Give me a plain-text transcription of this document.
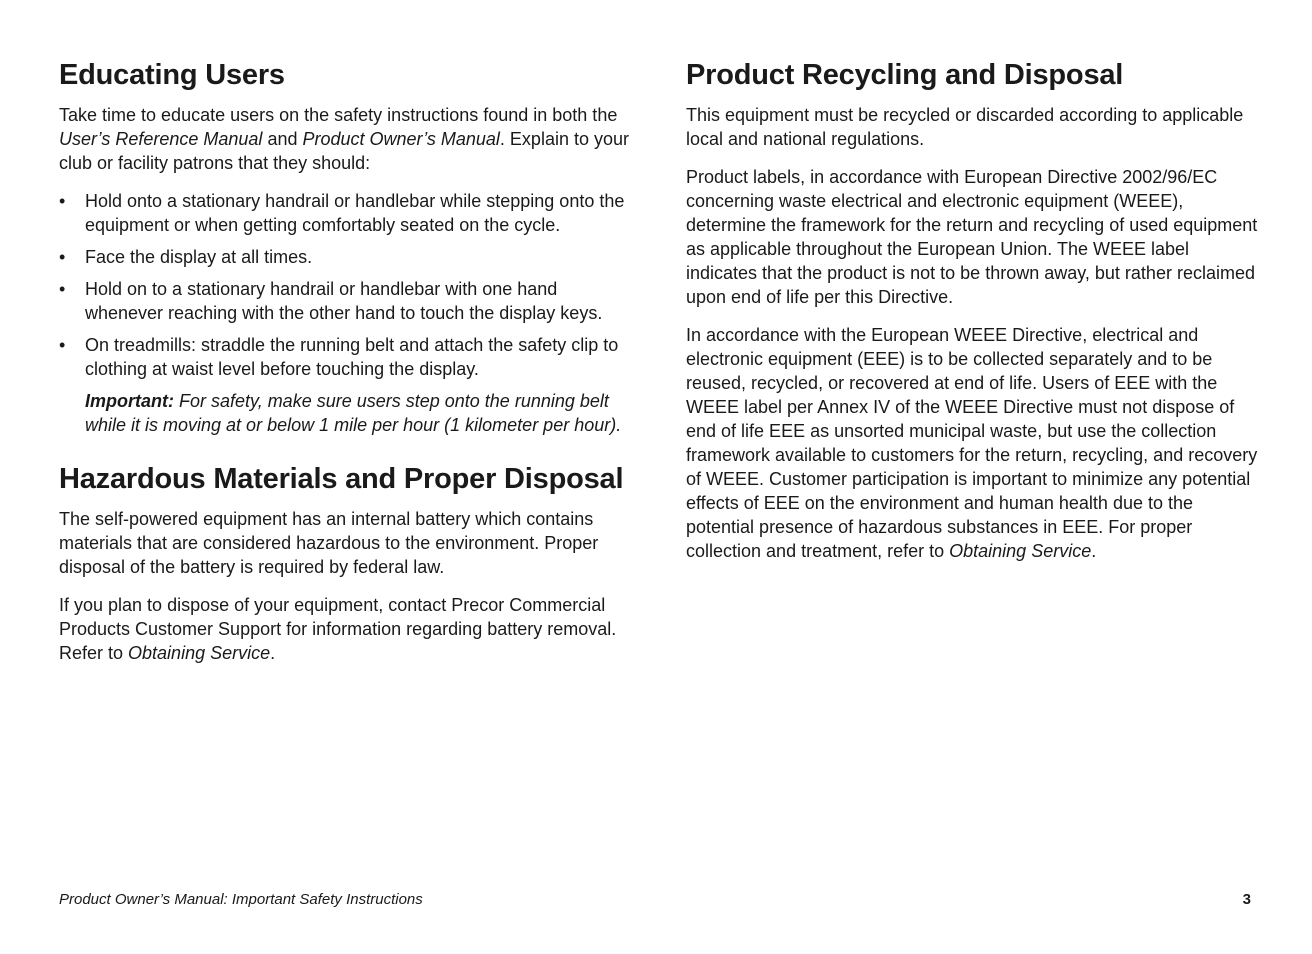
Educating Users

Take time to educate users on the safety instructions found in both the User’s Reference Manual and Product Owner’s Manual. Explain to your club or facility patrons that they should:

• Hold onto a stationary handrail or handlebar while stepping onto the equipment or when getting comfortably seated on the cycle.
• Face the display at all times.
• Hold on to a stationary handrail or handlebar with one hand whenever reaching with the other hand to touch the display keys.
• On treadmills: straddle the running belt and attach the safety clip to clothing at waist level before touching the display.

Important: For safety, make sure users step onto the running belt while it is moving at or below 1 mile per hour (1 kilometer per hour).

Hazardous Materials and Proper Disposal

The self-powered equipment has an internal battery which contains materials that are considered hazardous to the environment. Proper disposal of the battery is required by federal law.

If you plan to dispose of your equipment, contact Precor Commercial Products Customer Support for information regarding battery removal. Refer to Obtaining Service.

Product Recycling and Disposal

This equipment must be recycled or discarded according to applicable local and national regulations.

Product labels, in accordance with European Directive 2002/96/EC concerning waste electrical and electronic equipment (WEEE), determine the framework for the return and recycling of used equipment as applicable throughout the European Union. The WEEE label indicates that the product is not to be thrown away, but rather reclaimed upon end of life per this Directive.

In accordance with the European WEEE Directive, electrical and electronic equipment (EEE) is to be collected separately and to be reused, recycled, or recovered at end of life. Users of EEE with the WEEE label per Annex IV of the WEEE Directive must not dispose of end of life EEE as unsorted municipal waste, but use the collection framework available to customers for the return, recycling, and recovery of WEEE. Customer participation is important to minimize any potential effects of EEE on the environment and human health due to the potential presence of hazardous substances in EEE. For proper collection and treatment, refer to Obtaining Service.

Product Owner’s Manual: Important Safety Instructions	3
